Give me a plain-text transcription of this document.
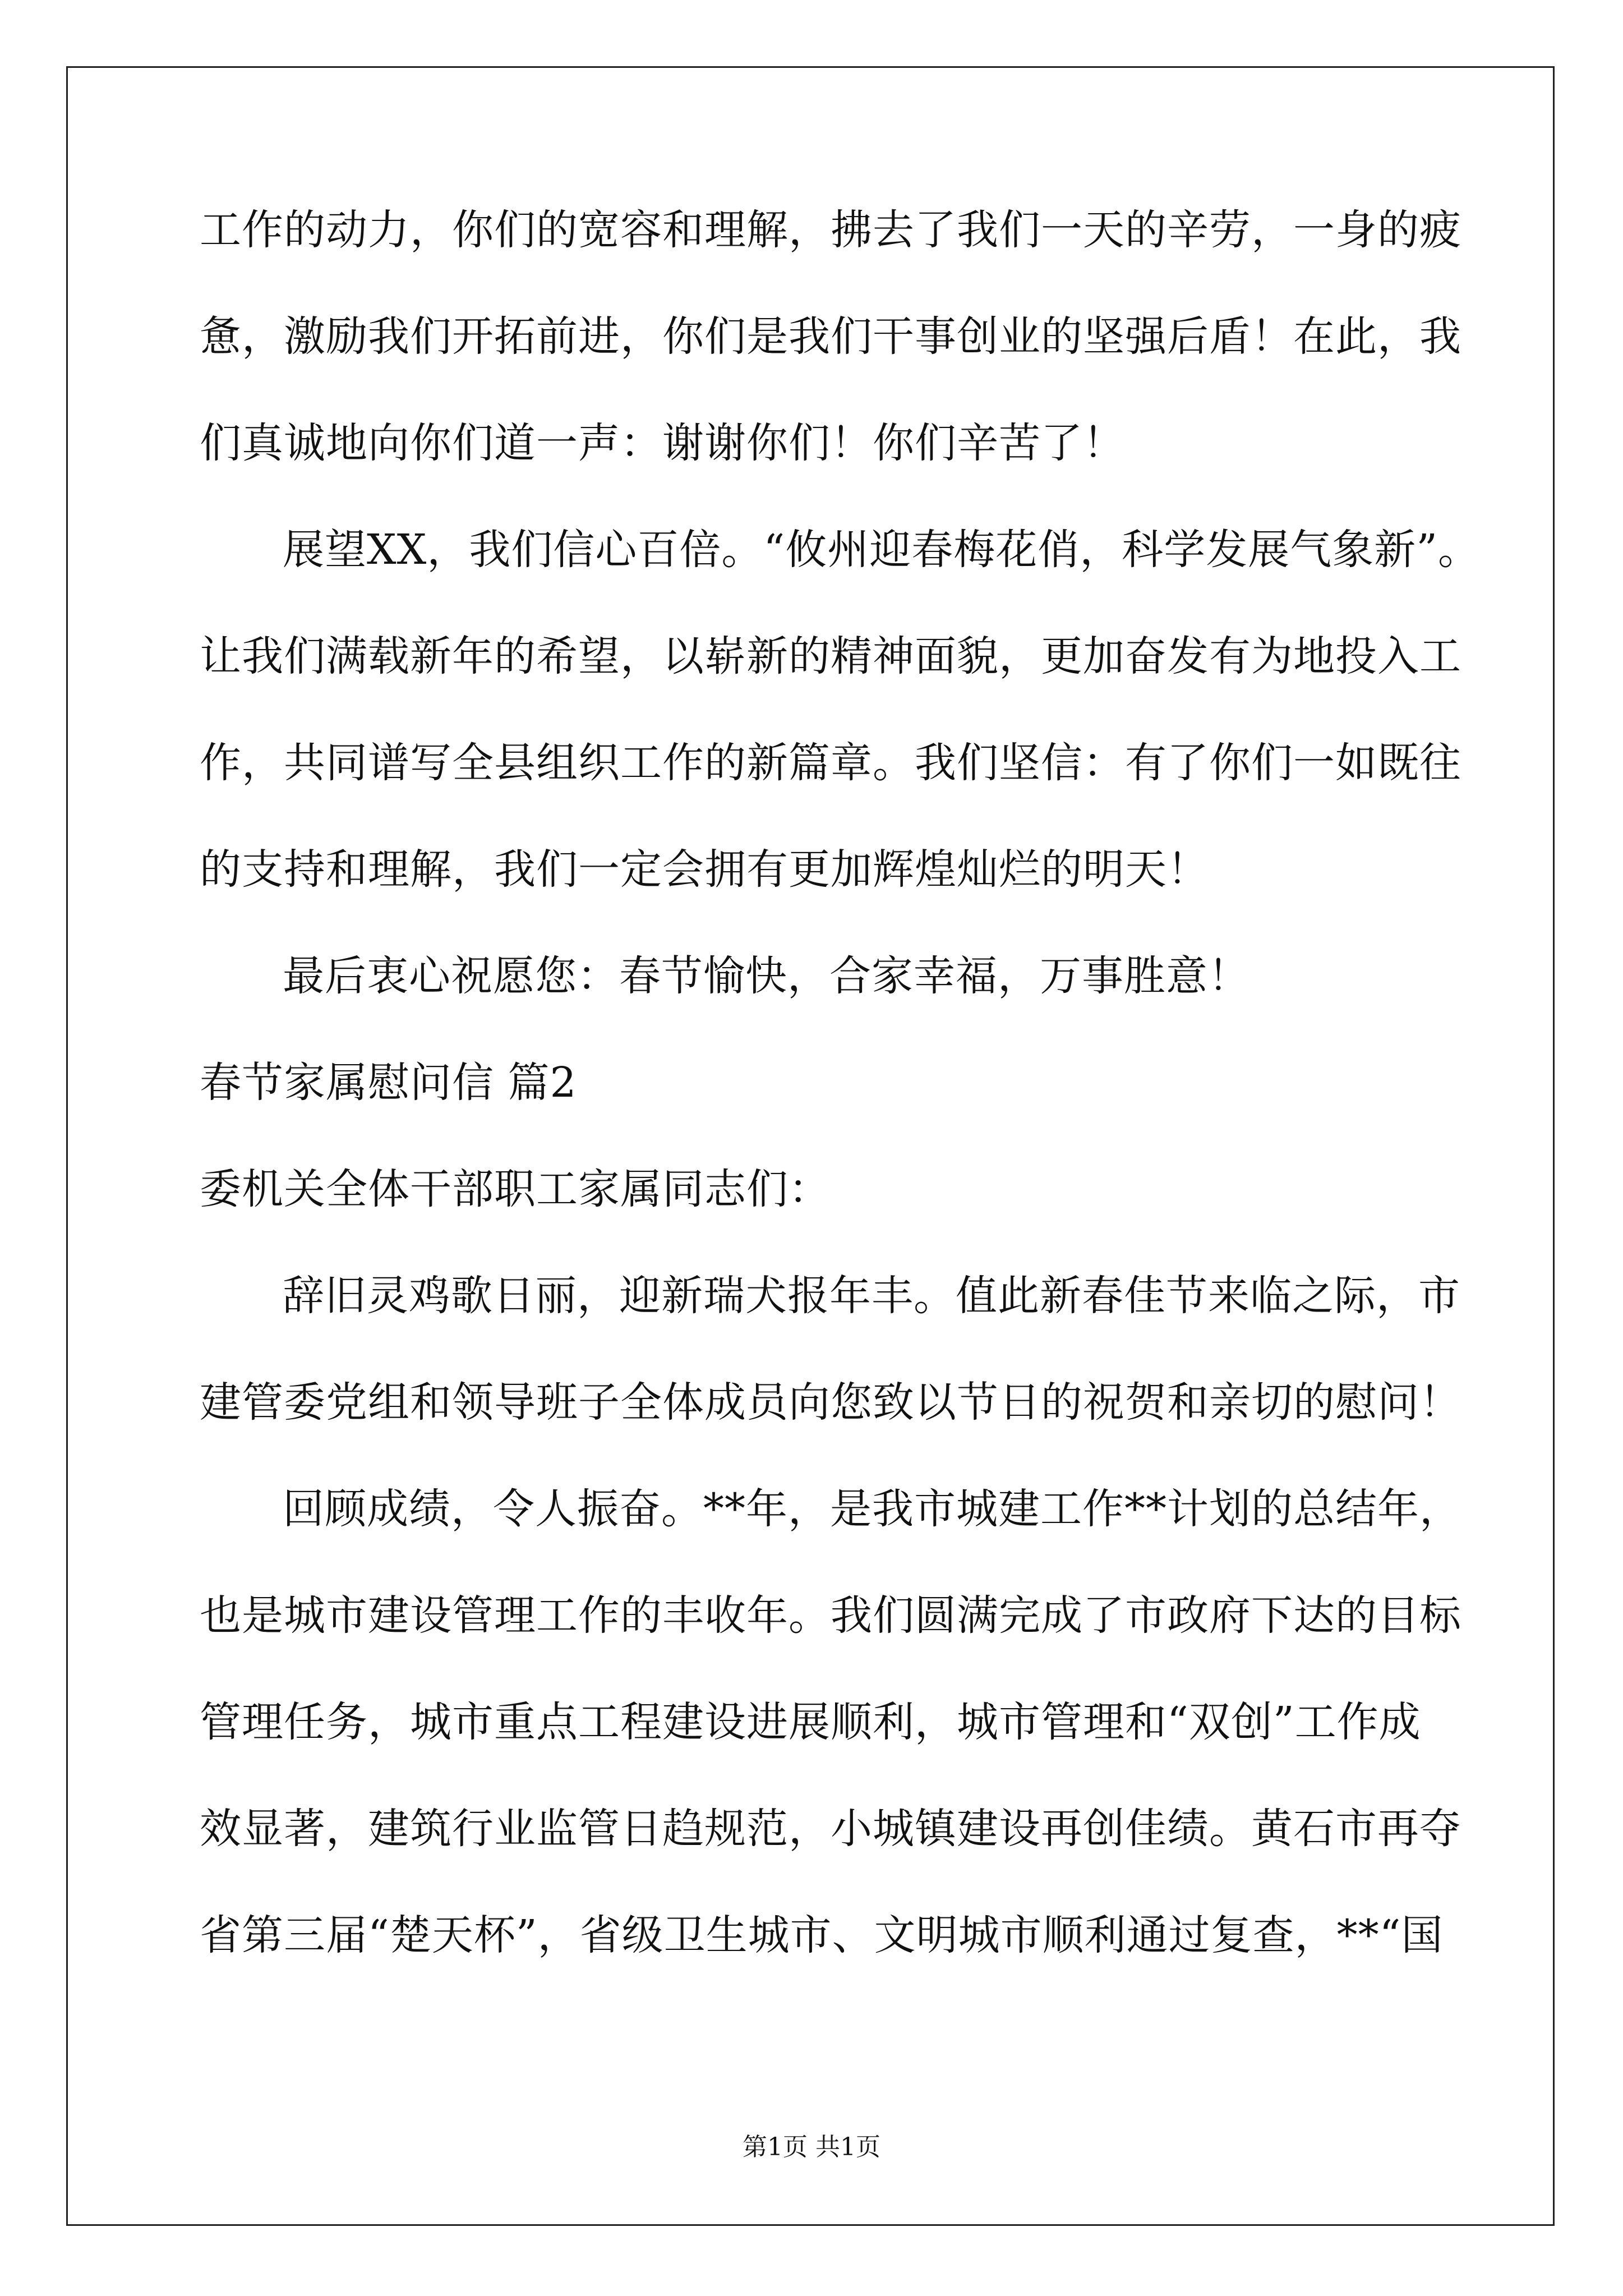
工作的动力，你们的宽容和理解，拂去了我们一天的辛劳，一身的疲
惫，激励我们开拓前进，你们是我们干事创业的坚强后盾！在此，我
们真诚地向你们道一声：谢谢你们！你们辛苦了！
展望XX，我们信心百倍。“攸州迎春梅花俏，科学发展气象新”。
让我们满载新年的希望，以崭新的精神面貌，更加奋发有为地投入工
作，共同谱写全县组织工作的新篇章。我们坚信：有了你们一如既往
的支持和理解，我们一定会拥有更加辉煌灿烂的明天！
最后衷心祝愿您：春节愉快，合家幸福，万事胜意！
春节家属慰问信 篇2
委机关全体干部职工家属同志们：
辞旧灵鸡歌日丽，迎新瑞犬报年丰。值此新春佳节来临之际，市
建管委党组和领导班子全体成员向您致以节日的祝贺和亲切的慰问！
回顾成绩，令人振奋。**年，是我市城建工作**计划的总结年，
也是城市建设管理工作的丰收年。我们圆满完成了市政府下达的目标
管理任务，城市重点工程建设进展顺利，城市管理和“双创”工作成
效显著，建筑行业监管日趋规范，小城镇建设再创佳绩。黄石市再夺
省第三届“楚天杯”，省级卫生城市、文明城市顺利通过复查，**“国
第1页 共1页
